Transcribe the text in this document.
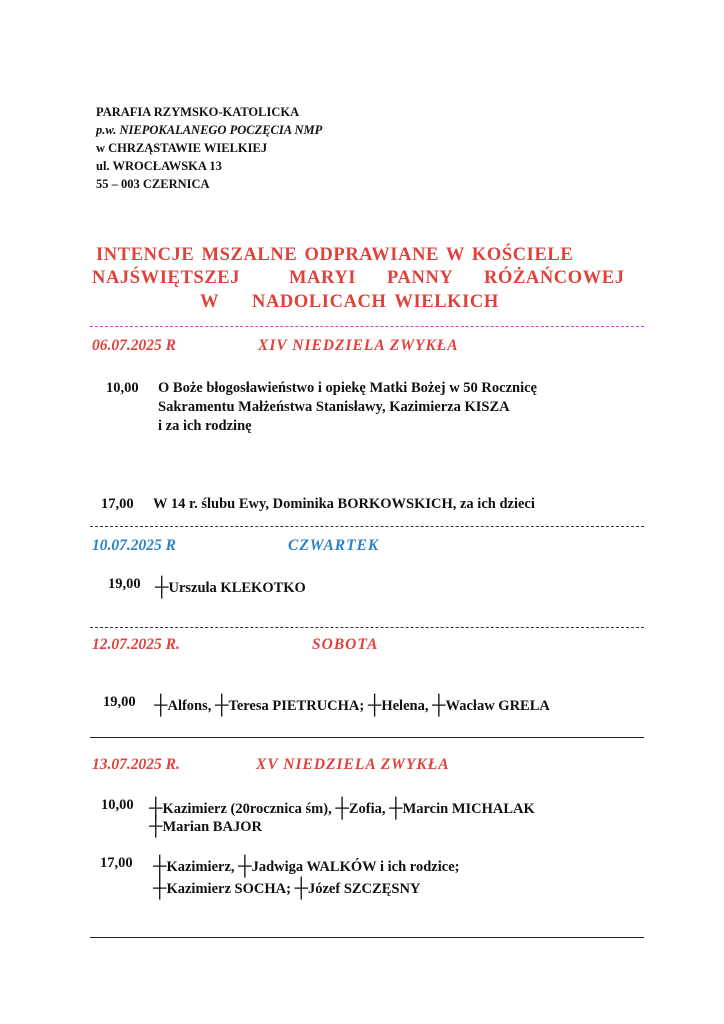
PARAFIA RZYMSKO-KATOLICKA
p.w. NIEPOKALANEGO POCZĘCIA NMP
w CHRZĄSTAWIE WIELKIEJ
ul. WROCŁAWSKA 13
55 – 003 CZERNICA
INTENCJE MSZALNE ODPRAWIANE W KOŚCIELE
NAJŚWIĘTSZEJ	MARYI PANNY RÓŻAŃCOWEJ
W NADOLICACH WIELKICH
06.07.2025 R	XIV NIEDZIELA ZWYKŁA
10,00 O Boże błogosławieństwo i opiekę Matki Bożej w 50 Rocznicę
Sakramentu Małżeństwa Stanisławy, Kazimierza KISZA
i za ich rodzinę
17,00 W 14 r. ślubu Ewy, Dominika BORKOWSKICH, za ich dzieci
10.07.2025 R	CZWARTEK
19,00 ┼Urszula KLEKOTKO
12.07.2025 R.	SOBOTA
19,00 ┼Alfons, ┼Teresa PIETRUCHA; ┼Helena, ┼Wacław GRELA
13.07.2025 R.	XV NIEDZIELA ZWYKŁA
10,00 ┼Kazimierz (20rocznica śm), ┼Zofia, ┼Marcin MICHALAK
┼Marian BAJOR
17,00 ┼Kazimierz, ┼Jadwiga WALKÓW i ich rodzice;
┼Kazimierz SOCHA; ┼Józef SZCZĘSNY
